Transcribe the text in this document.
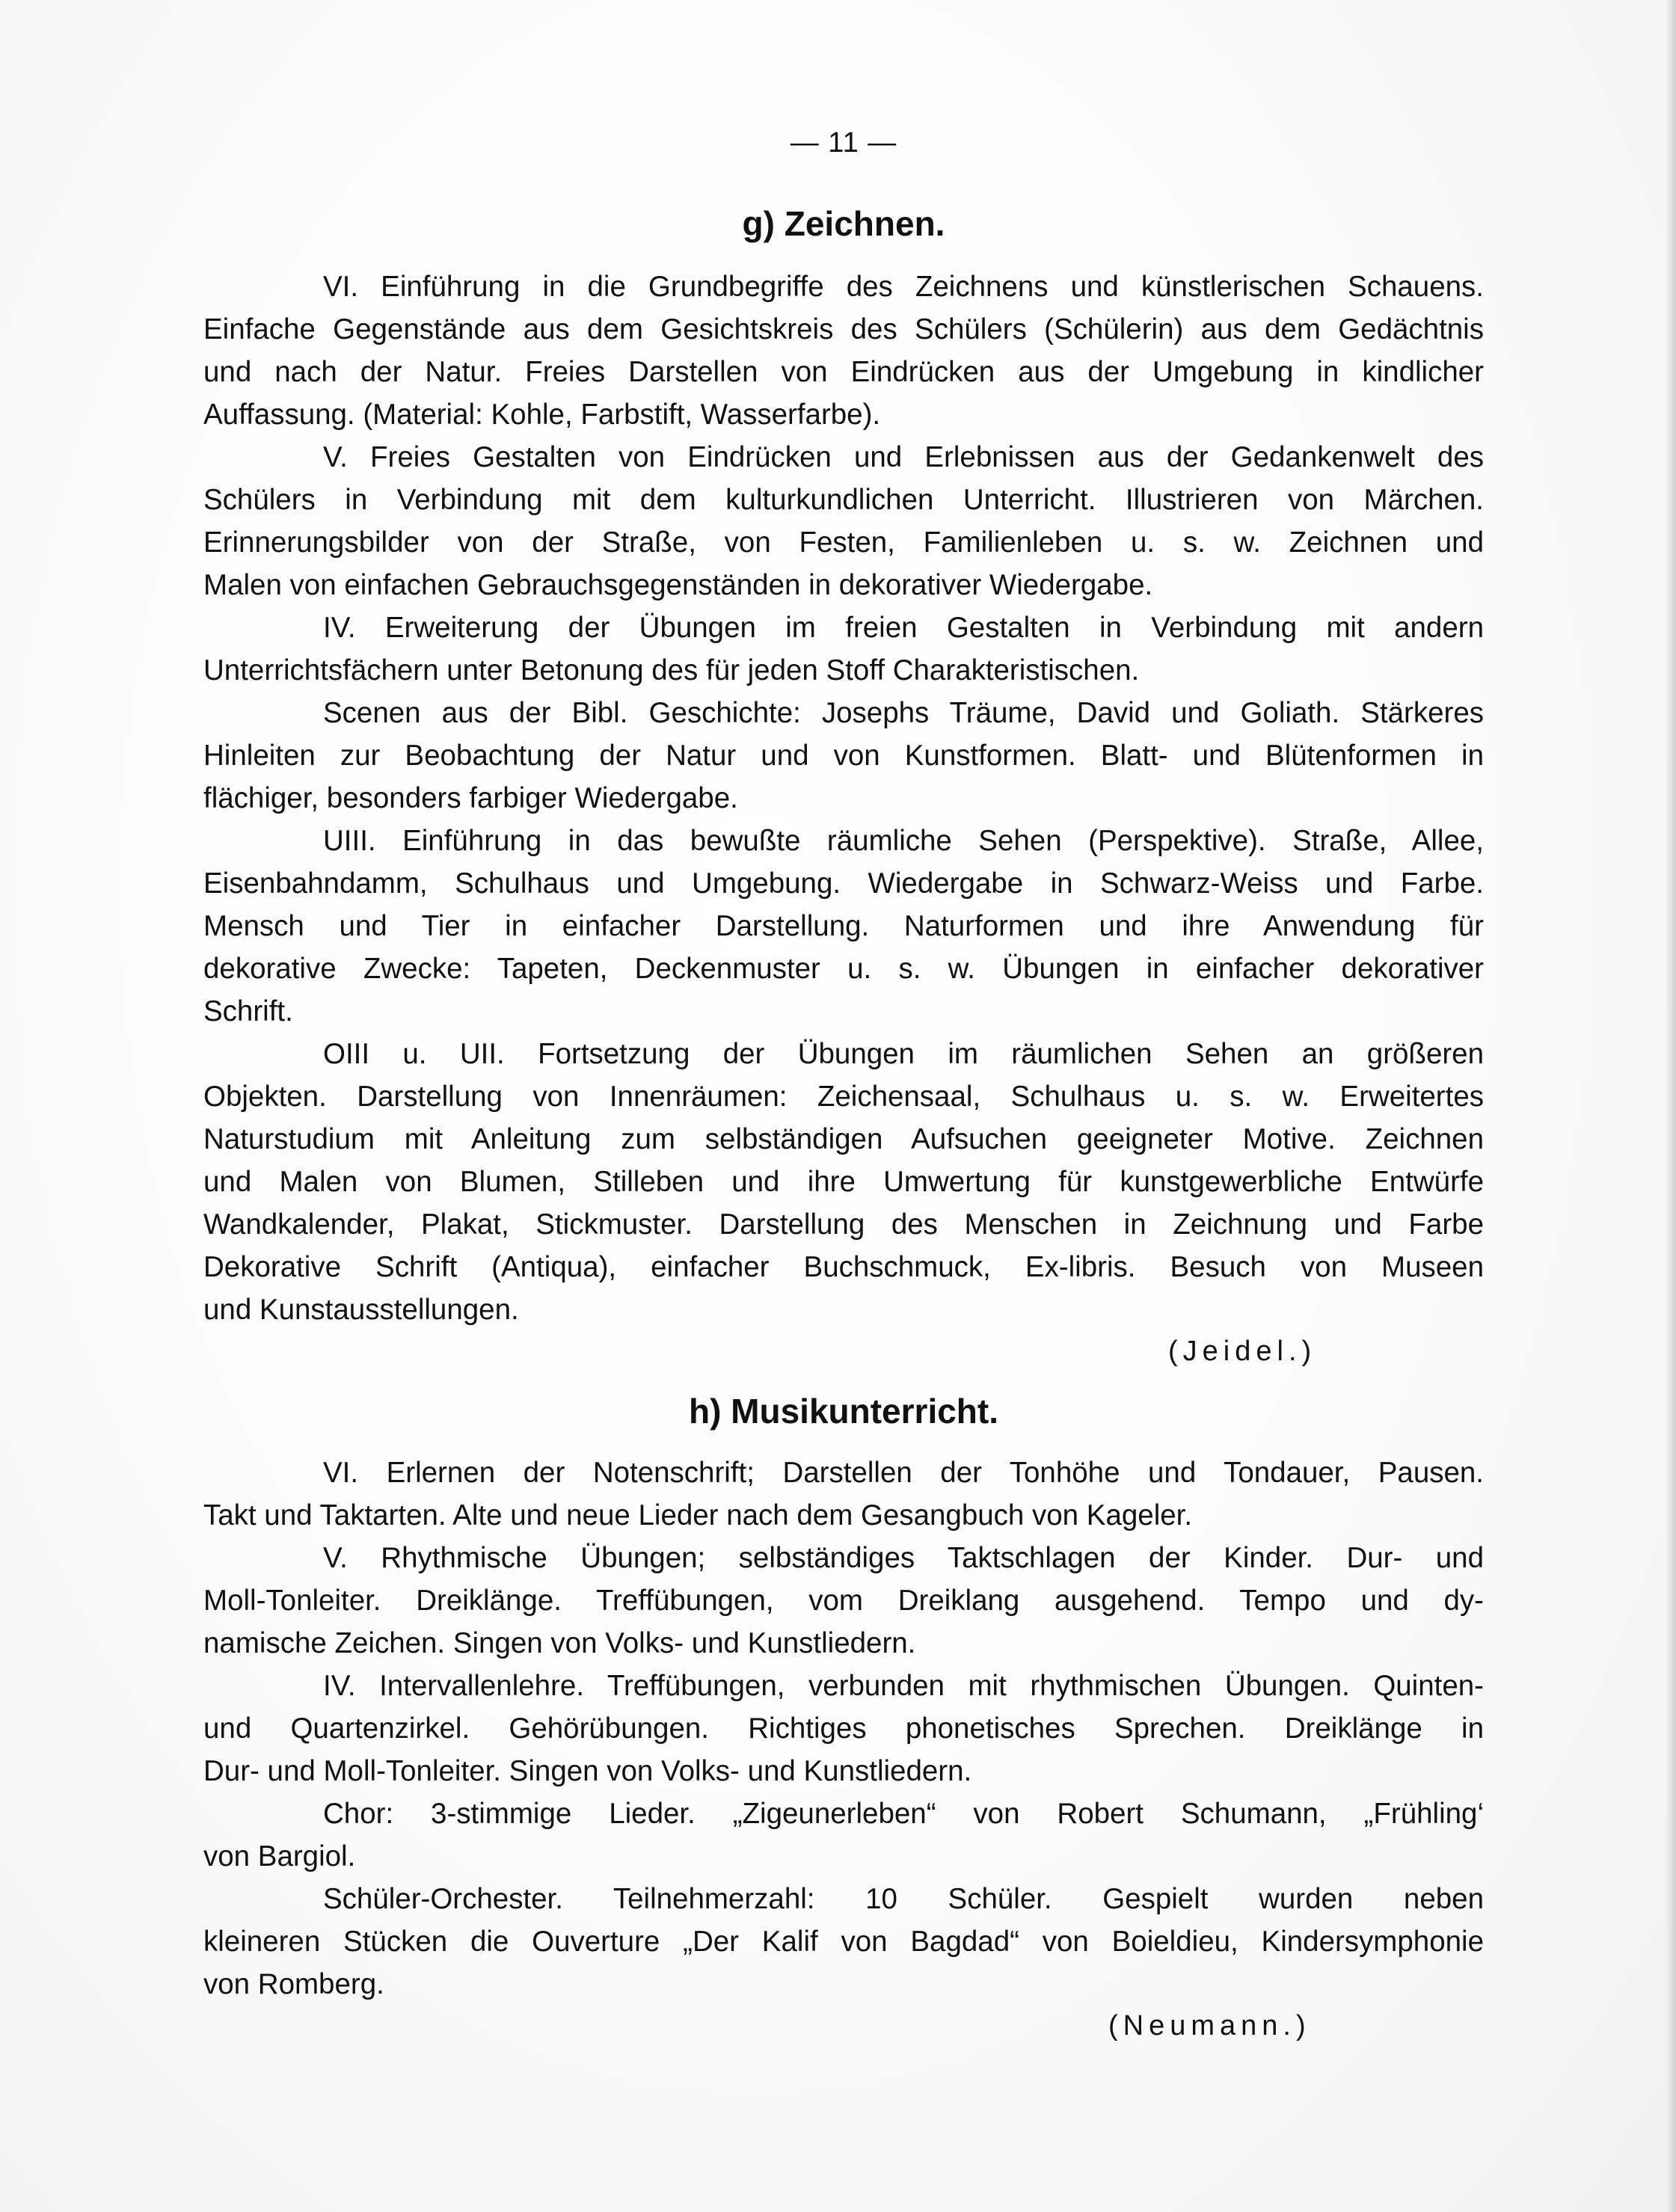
— 11 —
g) Zeichnen.
VI. Einführung in die Grundbegriffe des Zeichnens und künstlerischen Schauens.
Einfache Gegenstände aus dem Gesichtskreis des Schülers (Schülerin) aus dem Gedächtnis
und nach der Natur. Freies Darstellen von Eindrücken aus der Umgebung in kindlicher
Auffassung. (Material: Kohle, Farbstift, Wasserfarbe).
V. Freies Gestalten von Eindrücken und Erlebnissen aus der Gedankenwelt des
Schülers in Verbindung mit dem kulturkundlichen Unterricht. Illustrieren von Märchen.
Erinnerungsbilder von der Straße, von Festen, Familienleben u. s. w. Zeichnen und
Malen von einfachen Gebrauchsgegenständen in dekorativer Wiedergabe.
IV. Erweiterung der Übungen im freien Gestalten in Verbindung mit andern
Unterrichtsfächern unter Betonung des für jeden Stoff Charakteristischen.
Scenen aus der Bibl. Geschichte: Josephs Träume, David und Goliath. Stärkeres
Hinleiten zur Beobachtung der Natur und von Kunstformen. Blatt- und Blütenformen in
flächiger, besonders farbiger Wiedergabe.
UIII. Einführung in das bewußte räumliche Sehen (Perspektive). Straße, Allee,
Eisenbahndamm, Schulhaus und Umgebung. Wiedergabe in Schwarz-Weiss und Farbe.
Mensch und Tier in einfacher Darstellung. Naturformen und ihre Anwendung für
dekorative Zwecke: Tapeten, Deckenmuster u. s. w. Übungen in einfacher dekorativer
Schrift.
OIII u. UII. Fortsetzung der Übungen im räumlichen Sehen an größeren
Objekten. Darstellung von Innenräumen: Zeichensaal, Schulhaus u. s. w. Erweitertes
Naturstudium mit Anleitung zum selbständigen Aufsuchen geeigneter Motive. Zeichnen
und Malen von Blumen, Stilleben und ihre Umwertung für kunstgewerbliche Entwürfe
Wandkalender, Plakat, Stickmuster. Darstellung des Menschen in Zeichnung und Farbe
Dekorative Schrift (Antiqua), einfacher Buchschmuck, Ex-libris. Besuch von Museen
und Kunstausstellungen.
(Jeidel.)
h) Musikunterricht.
VI. Erlernen der Notenschrift; Darstellen der Tonhöhe und Tondauer, Pausen.
Takt und Taktarten. Alte und neue Lieder nach dem Gesangbuch von Kageler.
V. Rhythmische Übungen; selbständiges Taktschlagen der Kinder. Dur- und
Moll-Tonleiter. Dreiklänge. Treffübungen, vom Dreiklang ausgehend. Tempo und dy-
namische Zeichen. Singen von Volks- und Kunstliedern.
IV. Intervallenlehre. Treffübungen, verbunden mit rhythmischen Übungen. Quinten-
und Quartenzirkel. Gehörübungen. Richtiges phonetisches Sprechen. Dreiklänge in
Dur- und Moll-Tonleiter. Singen von Volks- und Kunstliedern.
Chor: 3-stimmige Lieder. „Zigeunerleben“ von Robert Schumann, „Frühling‘
von Bargiol.
Schüler-Orchester. Teilnehmerzahl: 10 Schüler. Gespielt wurden neben
kleineren Stücken die Ouverture „Der Kalif von Bagdad“ von Boieldieu, Kindersymphonie
von Romberg.
(Neumann.)
